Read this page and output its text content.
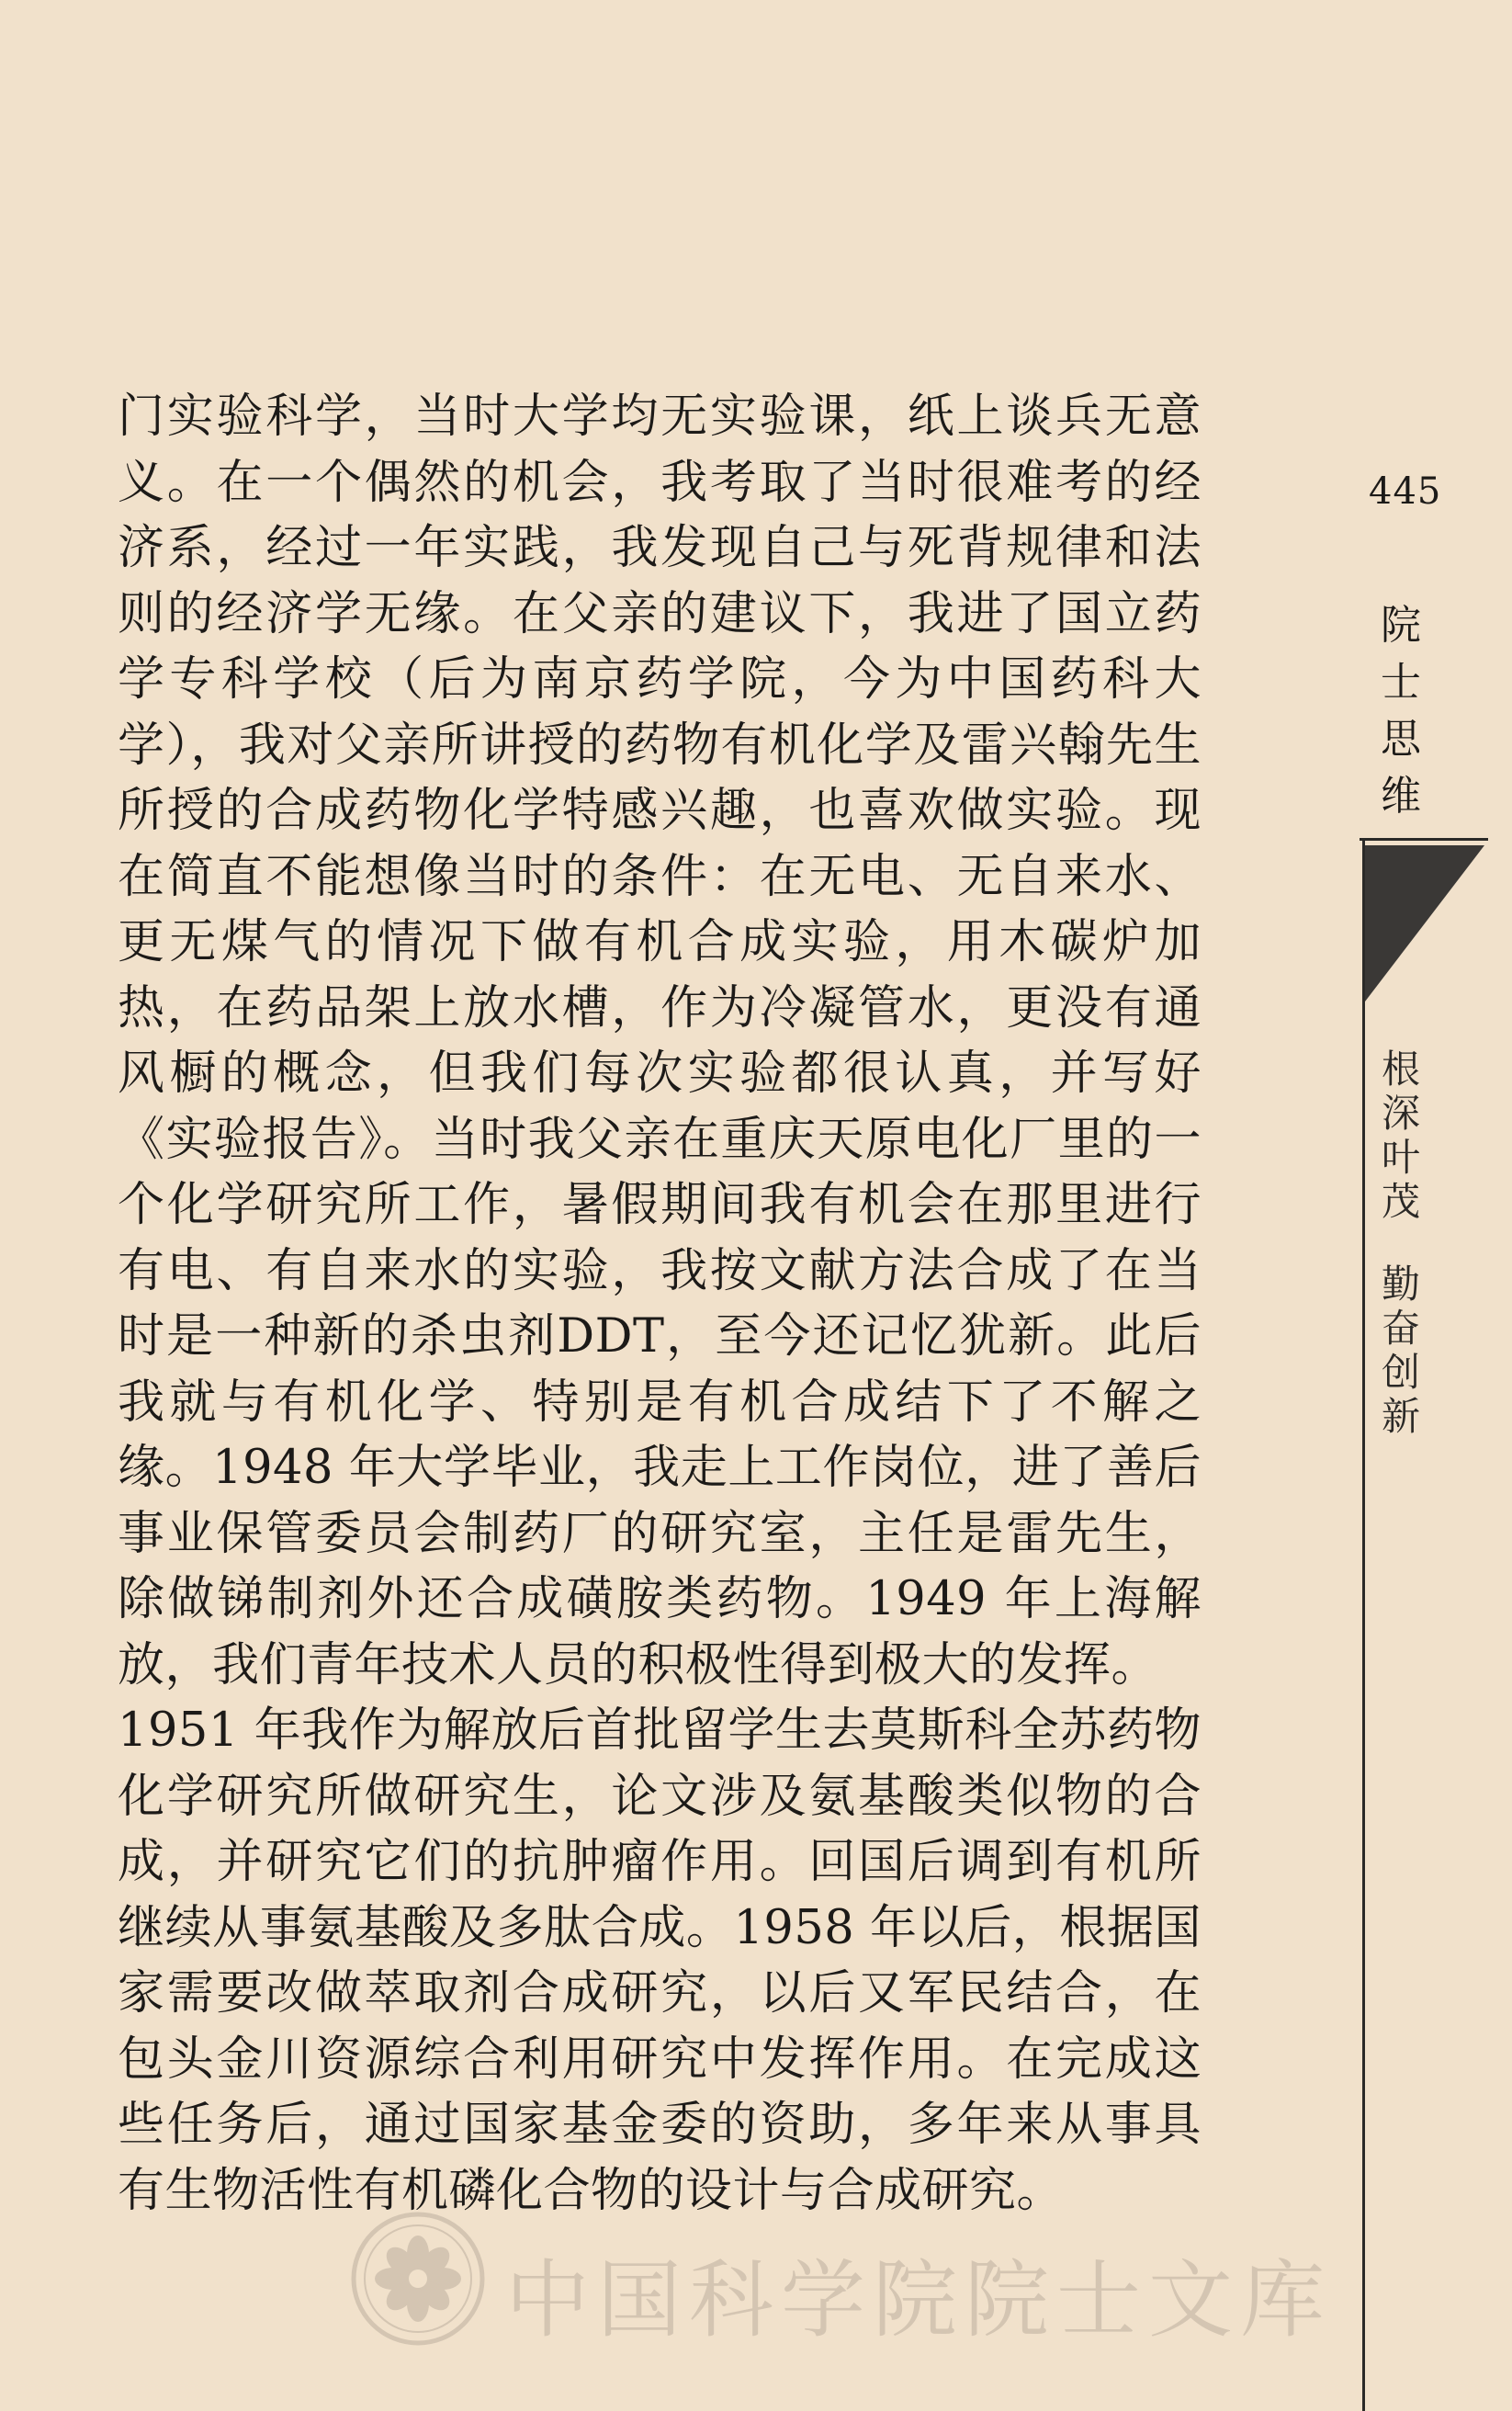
门实验科学，当时大学均无实验课，纸上谈兵无意义。在一个偶然的机会，我考取了当时很难考的经济系，经过一年实践，我发现自己与死背规律和法则的经济学无缘。在父亲的建议下，我进了国立药学专科学校（后为南京药学院，今为中国药科大学），我对父亲所讲授的药物有机化学及雷兴翰先生所授的合成药物化学特感兴趣，也喜欢做实验。现在简直不能想像当时的条件：在无电、无自来水、更无煤气的情况下做有机合成实验，用木碳炉加热，在药品架上放水槽，作为冷凝管水，更没有通风橱的概念，但我们每次实验都很认真，并写好《实验报告》。当时我父亲在重庆天原电化厂里的一个化学研究所工作，暑假期间我有机会在那里进行有电、有自来水的实验，我按文献方法合成了在当时是一种新的杀虫剂DDT，至今还记忆犹新。此后我就与有机化学、特别是有机合成结下了不解之缘。1948 年大学毕业，我走上工作岗位，进了善后事业保管委员会制药厂的研究室，主任是雷先生，除做锑制剂外还合成磺胺类药物。1949 年上海解放，我们青年技术人员的积极性得到极大的发挥。

1951 年我作为解放后首批留学生去莫斯科全苏药物化学研究所做研究生，论文涉及氨基酸类似物的合成，并研究它们的抗肿瘤作用。回国后调到有机所继续从事氨基酸及多肽合成。1958 年以后，根据国家需要改做萃取剂合成研究，以后又军民结合，在包头金川资源综合利用研究中发挥作用。在完成这些任务后，通过国家基金委的资助，多年来从事具有生物活性有机磷化合物的设计与合成研究。

445
院
士
思
维
根
深
叶
茂
勤
奋
创
新
中国科学院院士文库
